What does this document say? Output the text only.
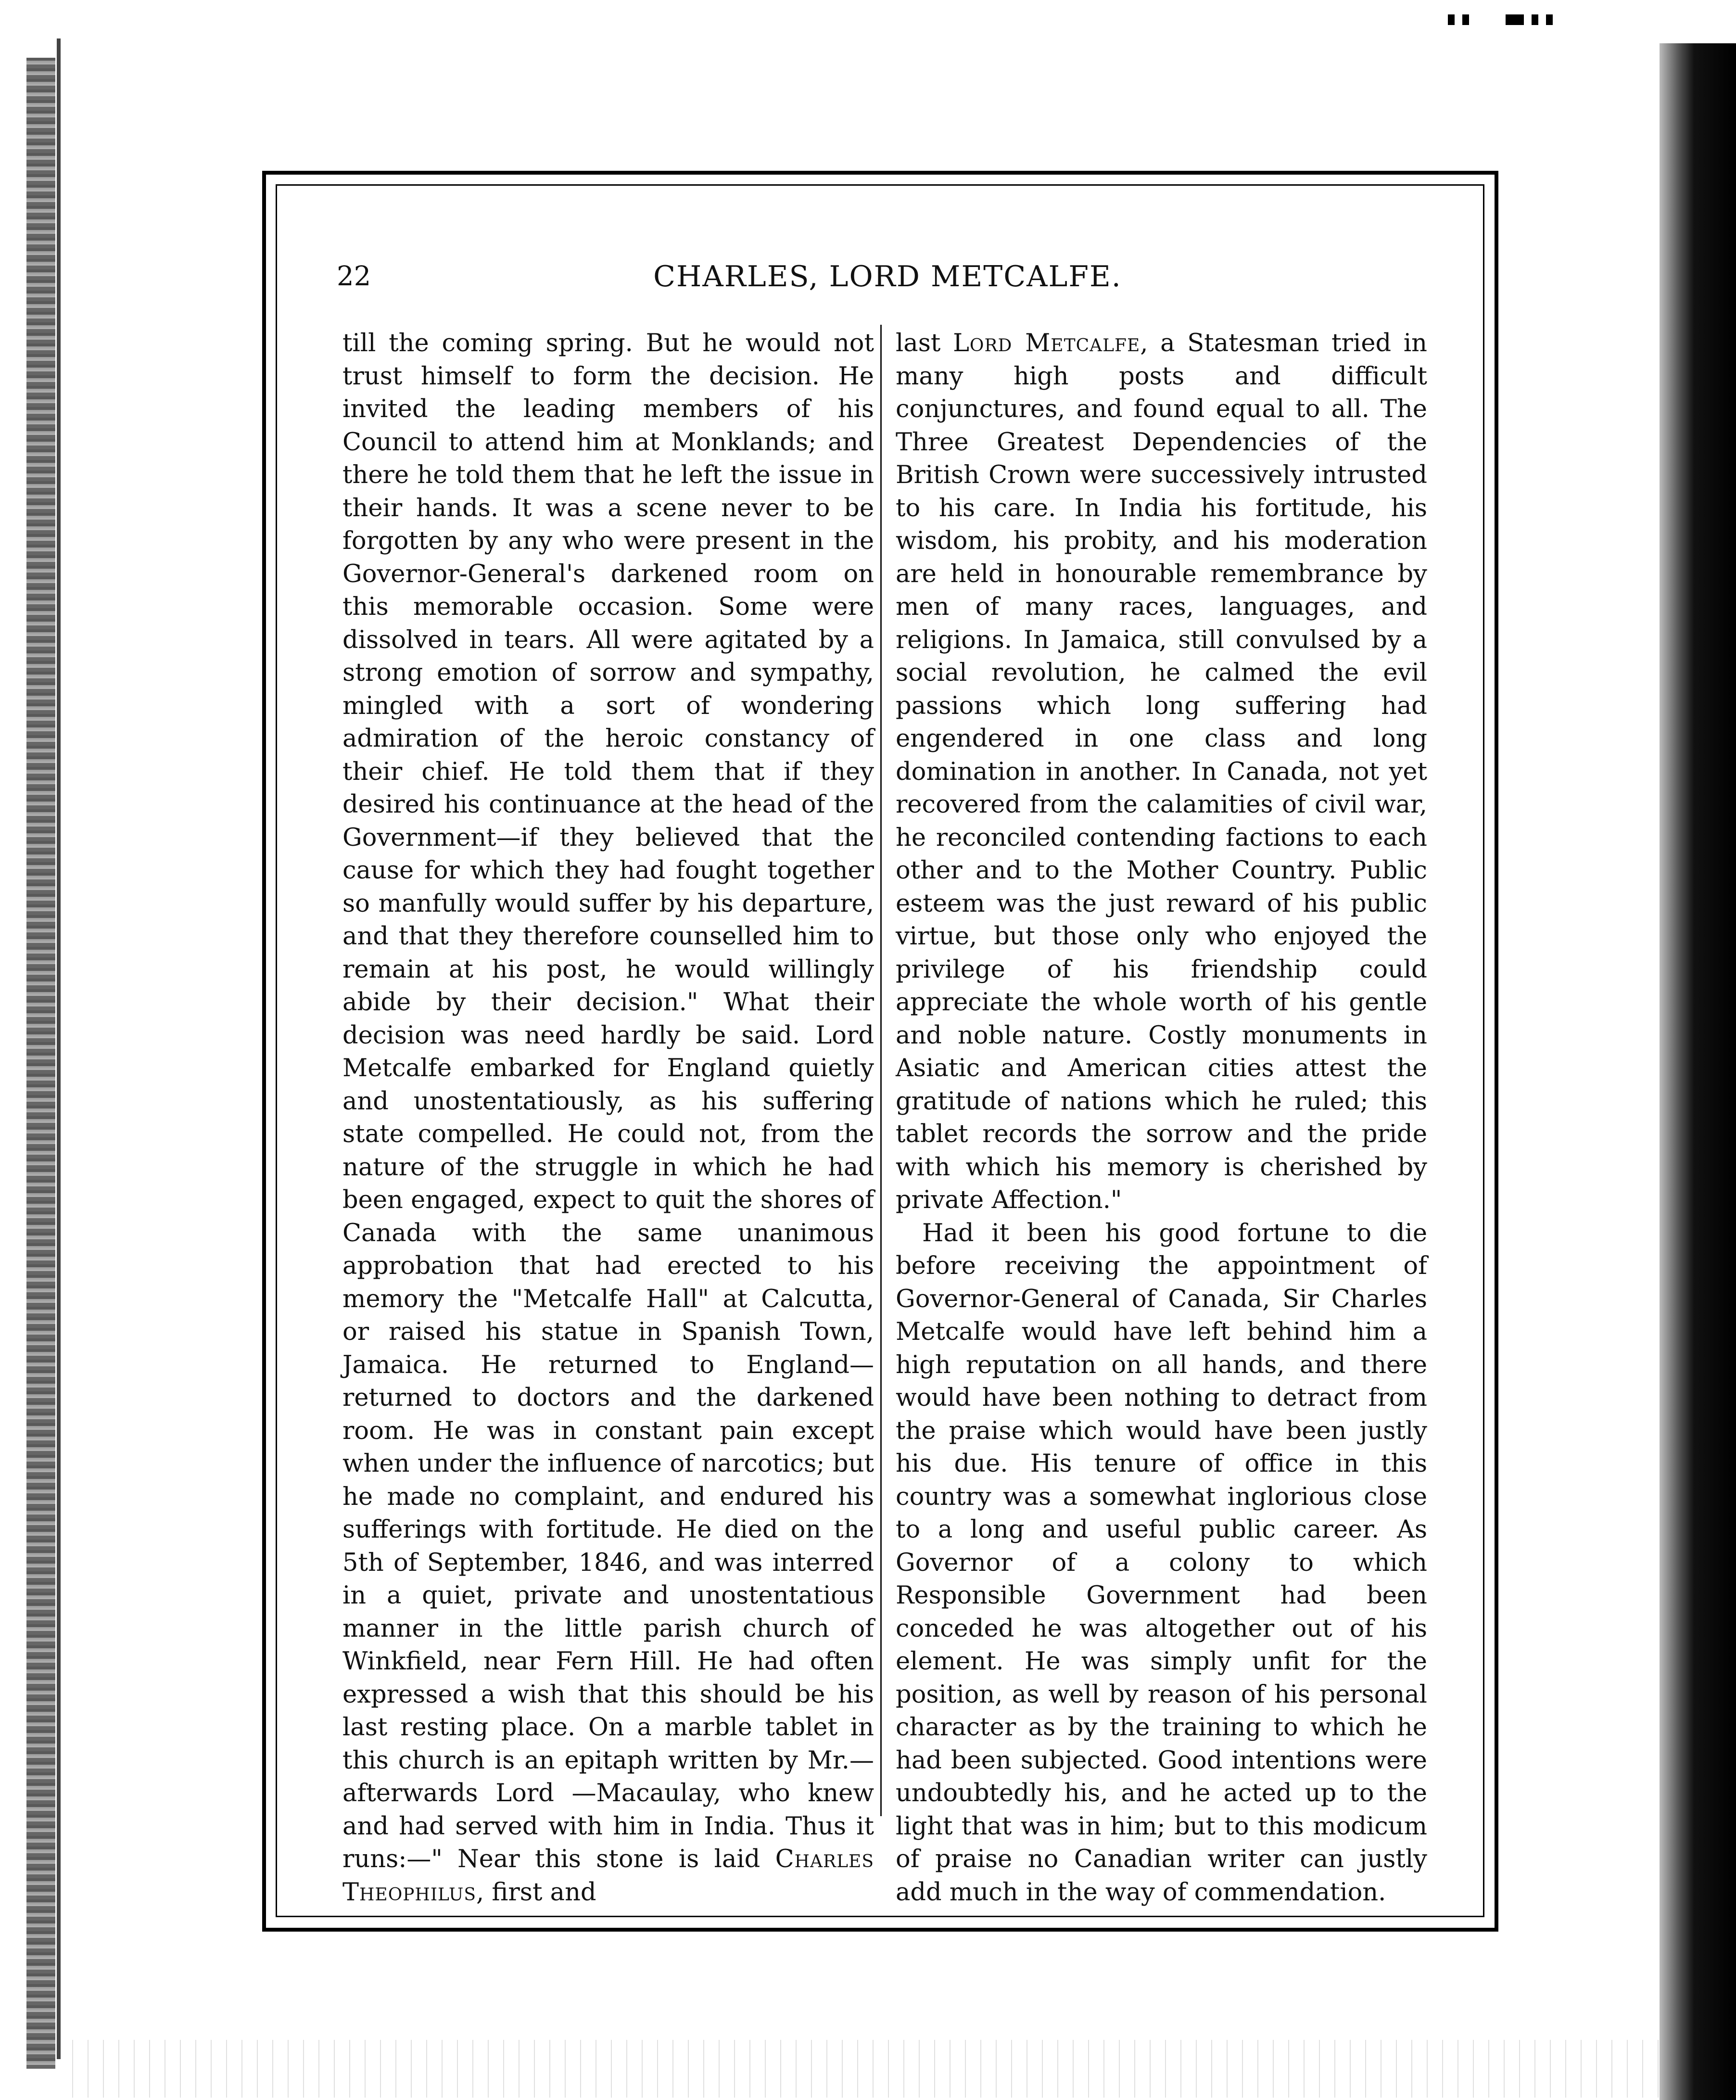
22	CHARLES, LORD METCALFE.

till the coming spring. But he would not trust himself to form the decision. He invited the leading members of his Council to attend him at Monklands; and there he told them that he left the issue in their hands. It was a scene never to be forgotten by any who were present in the Governor-General's darkened room on this memorable occasion. Some were dissolved in tears. All were agitated by a strong emotion of sorrow and sympathy, mingled with a sort of wondering admiration of the heroic constancy of their chief. He told them that if they desired his continuance at the head of the Government—if they believed that the cause for which they had fought together so manfully would suffer by his departure, and that they therefore counselled him to remain at his post, he would willingly abide by their decision." What their decision was need hardly be said. Lord Metcalfe embarked for England quietly and unostentatiously, as his suffering state compelled. He could not, from the nature of the struggle in which he had been engaged, expect to quit the shores of Canada with the same unanimous approbation that had erected to his memory the "Metcalfe Hall" at Calcutta, or raised his statue in Spanish Town, Jamaica. He returned to England—returned to doctors and the darkened room. He was in constant pain except when under the influence of narcotics; but he made no complaint, and endured his sufferings with fortitude. He died on the 5th of September, 1846, and was interred in a quiet, private and unostentatious manner in the little parish church of Winkfield, near Fern Hill. He had often expressed a wish that this should be his last resting place. On a marble tablet in this church is an epitaph written by Mr.—afterwards Lord —Macaulay, who knew and had served with him in India. Thus it runs:—" Near this stone is laid Charles Theophilus, first and

last Lord Metcalfe, a Statesman tried in many high posts and difficult conjunctures, and found equal to all. The Three Greatest Dependencies of the British Crown were successively intrusted to his care. In India his fortitude, his wisdom, his probity, and his moderation are held in honourable remembrance by men of many races, languages, and religions. In Jamaica, still convulsed by a social revolution, he calmed the evil passions which long suffering had engendered in one class and long domination in another. In Canada, not yet recovered from the calamities of civil war, he reconciled contending factions to each other and to the Mother Country. Public esteem was the just reward of his public virtue, but those only who enjoyed the privilege of his friendship could appreciate the whole worth of his gentle and noble nature. Costly monuments in Asiatic and American cities attest the gratitude of nations which he ruled; this tablet records the sorrow and the pride with which his memory is cherished by private Affection."

Had it been his good fortune to die before receiving the appointment of Governor-General of Canada, Sir Charles Metcalfe would have left behind him a high reputation on all hands, and there would have been nothing to detract from the praise which would have been justly his due. His tenure of office in this country was a somewhat inglorious close to a long and useful public career. As Governor of a colony to which Responsible Government had been conceded he was altogether out of his element. He was simply unfit for the position, as well by reason of his personal character as by the training to which he had been subjected. Good intentions were undoubtedly his, and he acted up to the light that was in him; but to this modicum of praise no Canadian writer can justly add much in the way of commendation.
